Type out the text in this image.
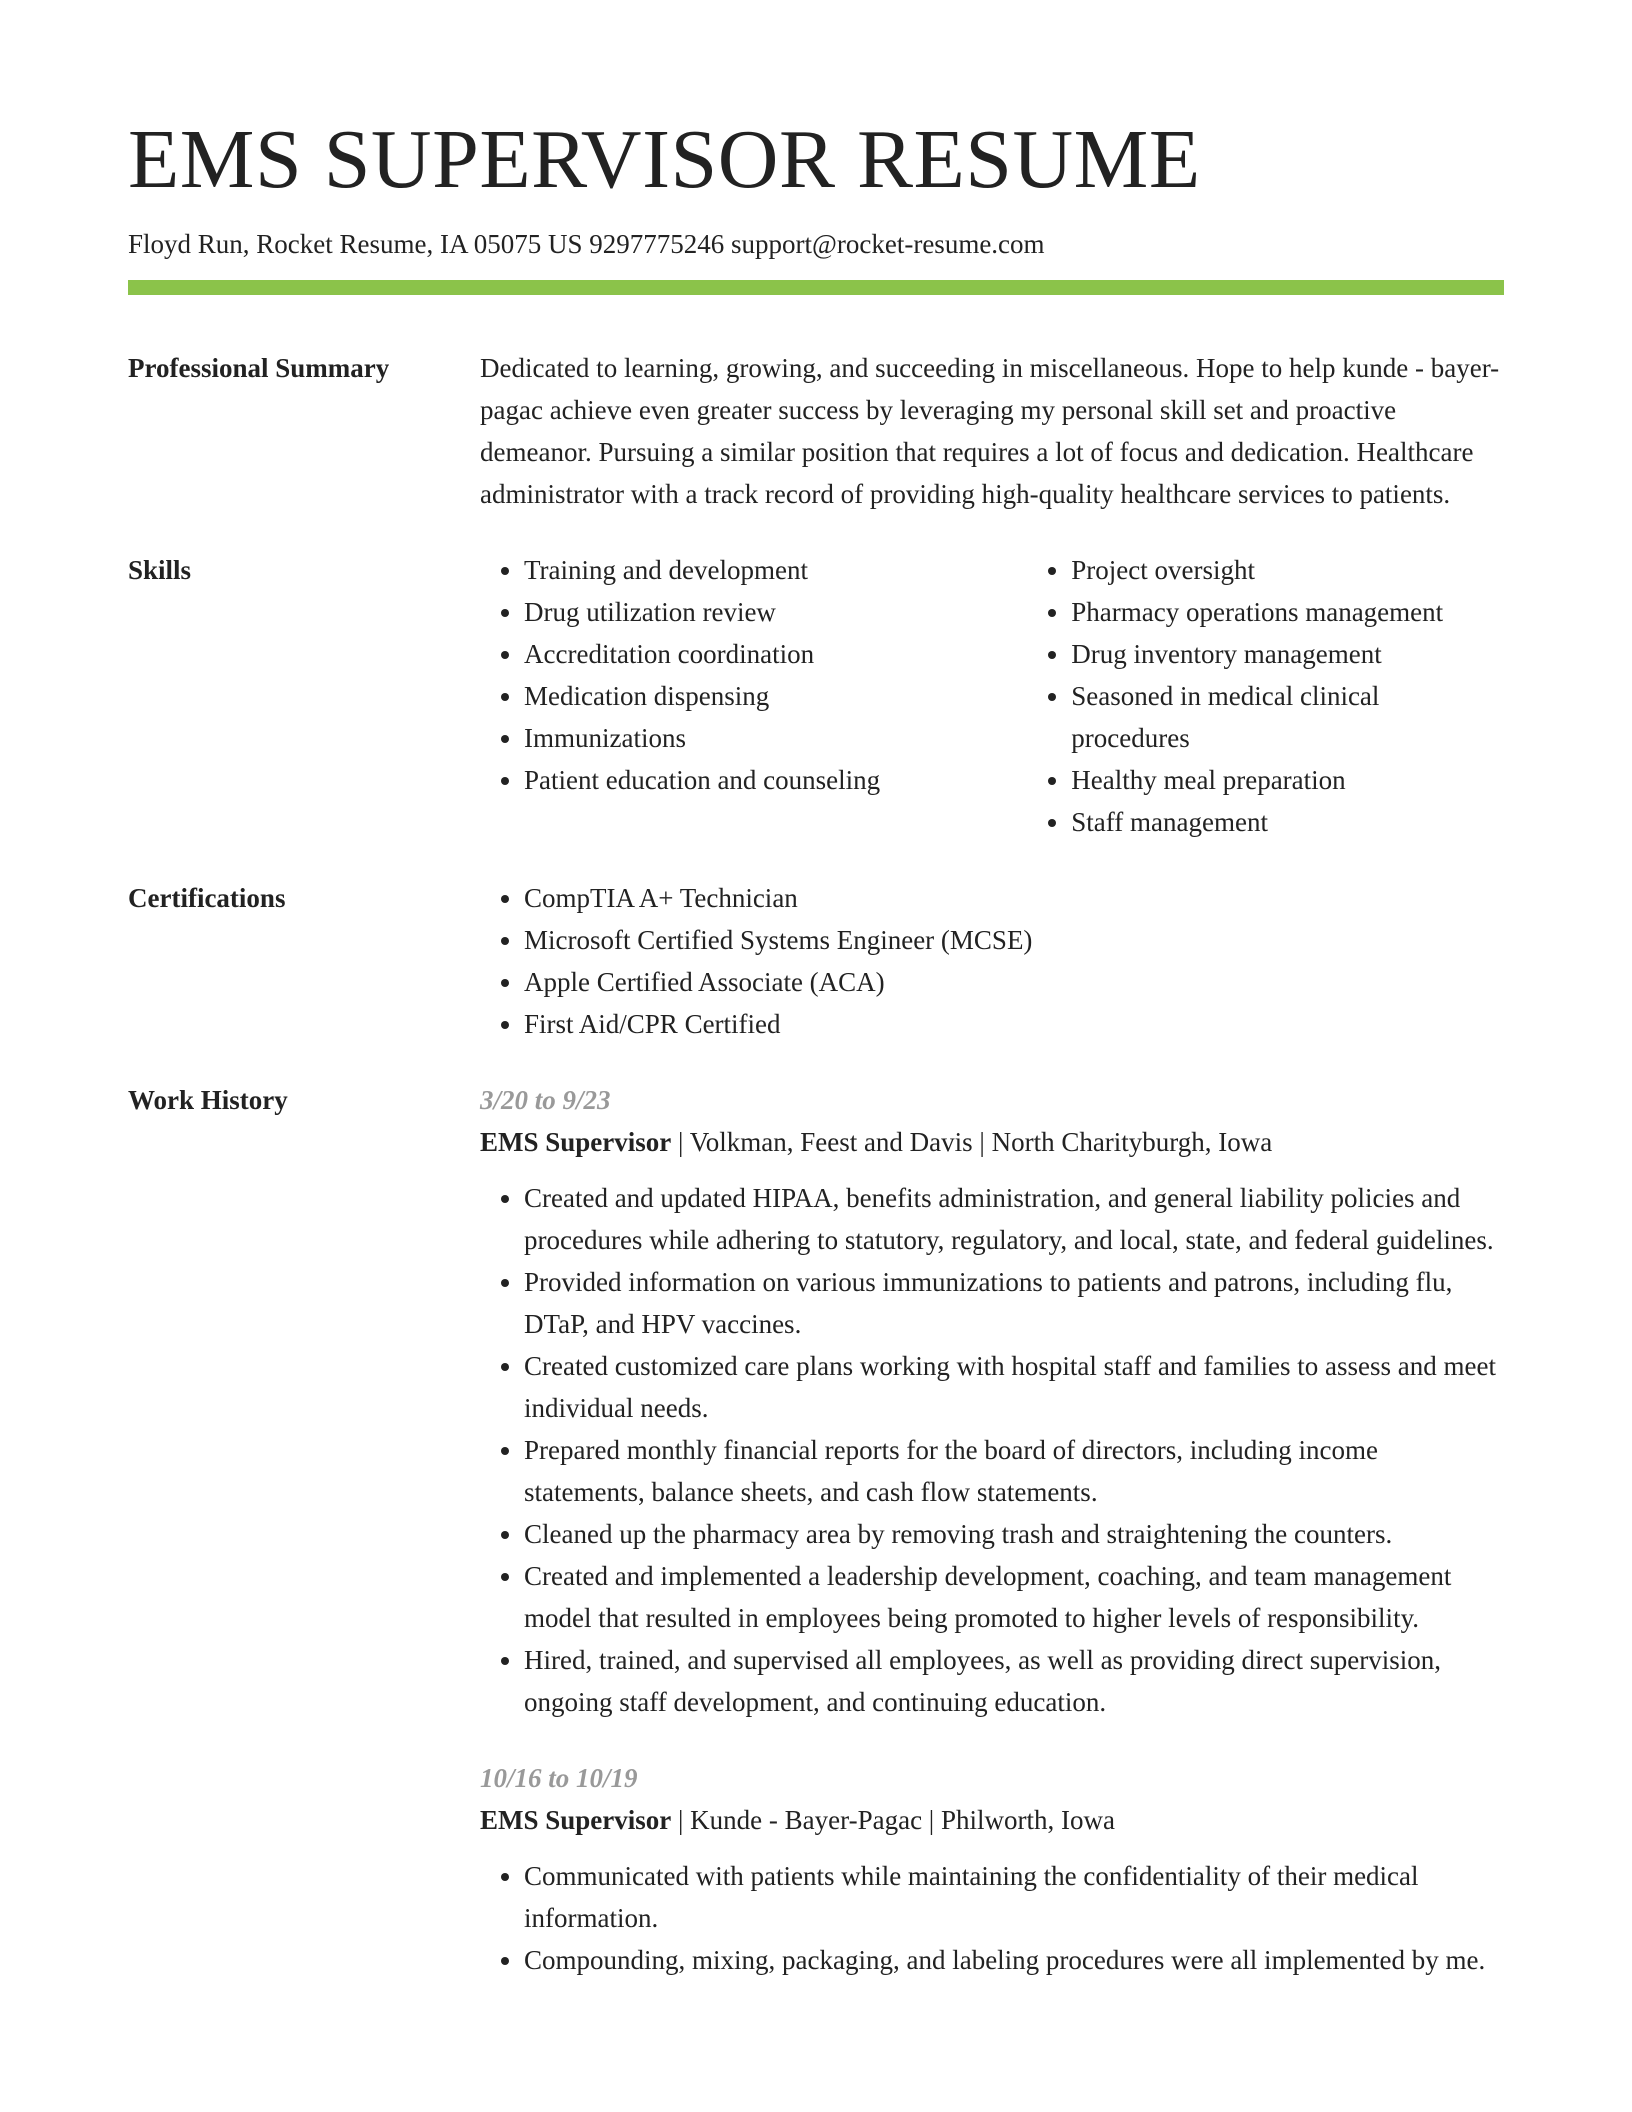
EMS SUPERVISOR RESUME
Floyd Run, Rocket Resume, IA 05075 US 9297775246 support@rocket-resume.com
Professional Summary	Dedicated to learning, growing, and succeeding in miscellaneous. Hope to help kunde - bayer-pagac achieve even greater success by leveraging my personal skill set and proactive demeanor. Pursuing a similar position that requires a lot of focus and dedication. Healthcare administrator with a track record of providing high-quality healthcare services to patients.
Skills	• Training and development
• Drug utilization review
• Accreditation coordination
• Medication dispensing
• Immunizations
• Patient education and counseling
• Project oversight
• Pharmacy operations management
• Drug inventory management
• Seasoned in medical clinical procedures
• Healthy meal preparation
• Staff management
Certifications	• CompTIA A+ Technician
• Microsoft Certified Systems Engineer (MCSE)
• Apple Certified Associate (ACA)
• First Aid/CPR Certified
Work History	3/20 to 9/23
EMS Supervisor | Volkman, Feest and Davis | North Charityburgh, Iowa
• Created and updated HIPAA, benefits administration, and general liability policies and procedures while adhering to statutory, regulatory, and local, state, and federal guidelines.
• Provided information on various immunizations to patients and patrons, including flu, DTaP, and HPV vaccines.
• Created customized care plans working with hospital staff and families to assess and meet individual needs.
• Prepared monthly financial reports for the board of directors, including income statements, balance sheets, and cash flow statements.
• Cleaned up the pharmacy area by removing trash and straightening the counters.
• Created and implemented a leadership development, coaching, and team management model that resulted in employees being promoted to higher levels of responsibility.
• Hired, trained, and supervised all employees, as well as providing direct supervision, ongoing staff development, and continuing education.
10/16 to 10/19
EMS Supervisor | Kunde - Bayer-Pagac | Philworth, Iowa
• Communicated with patients while maintaining the confidentiality of their medical information.
• Compounding, mixing, packaging, and labeling procedures were all implemented by me.
